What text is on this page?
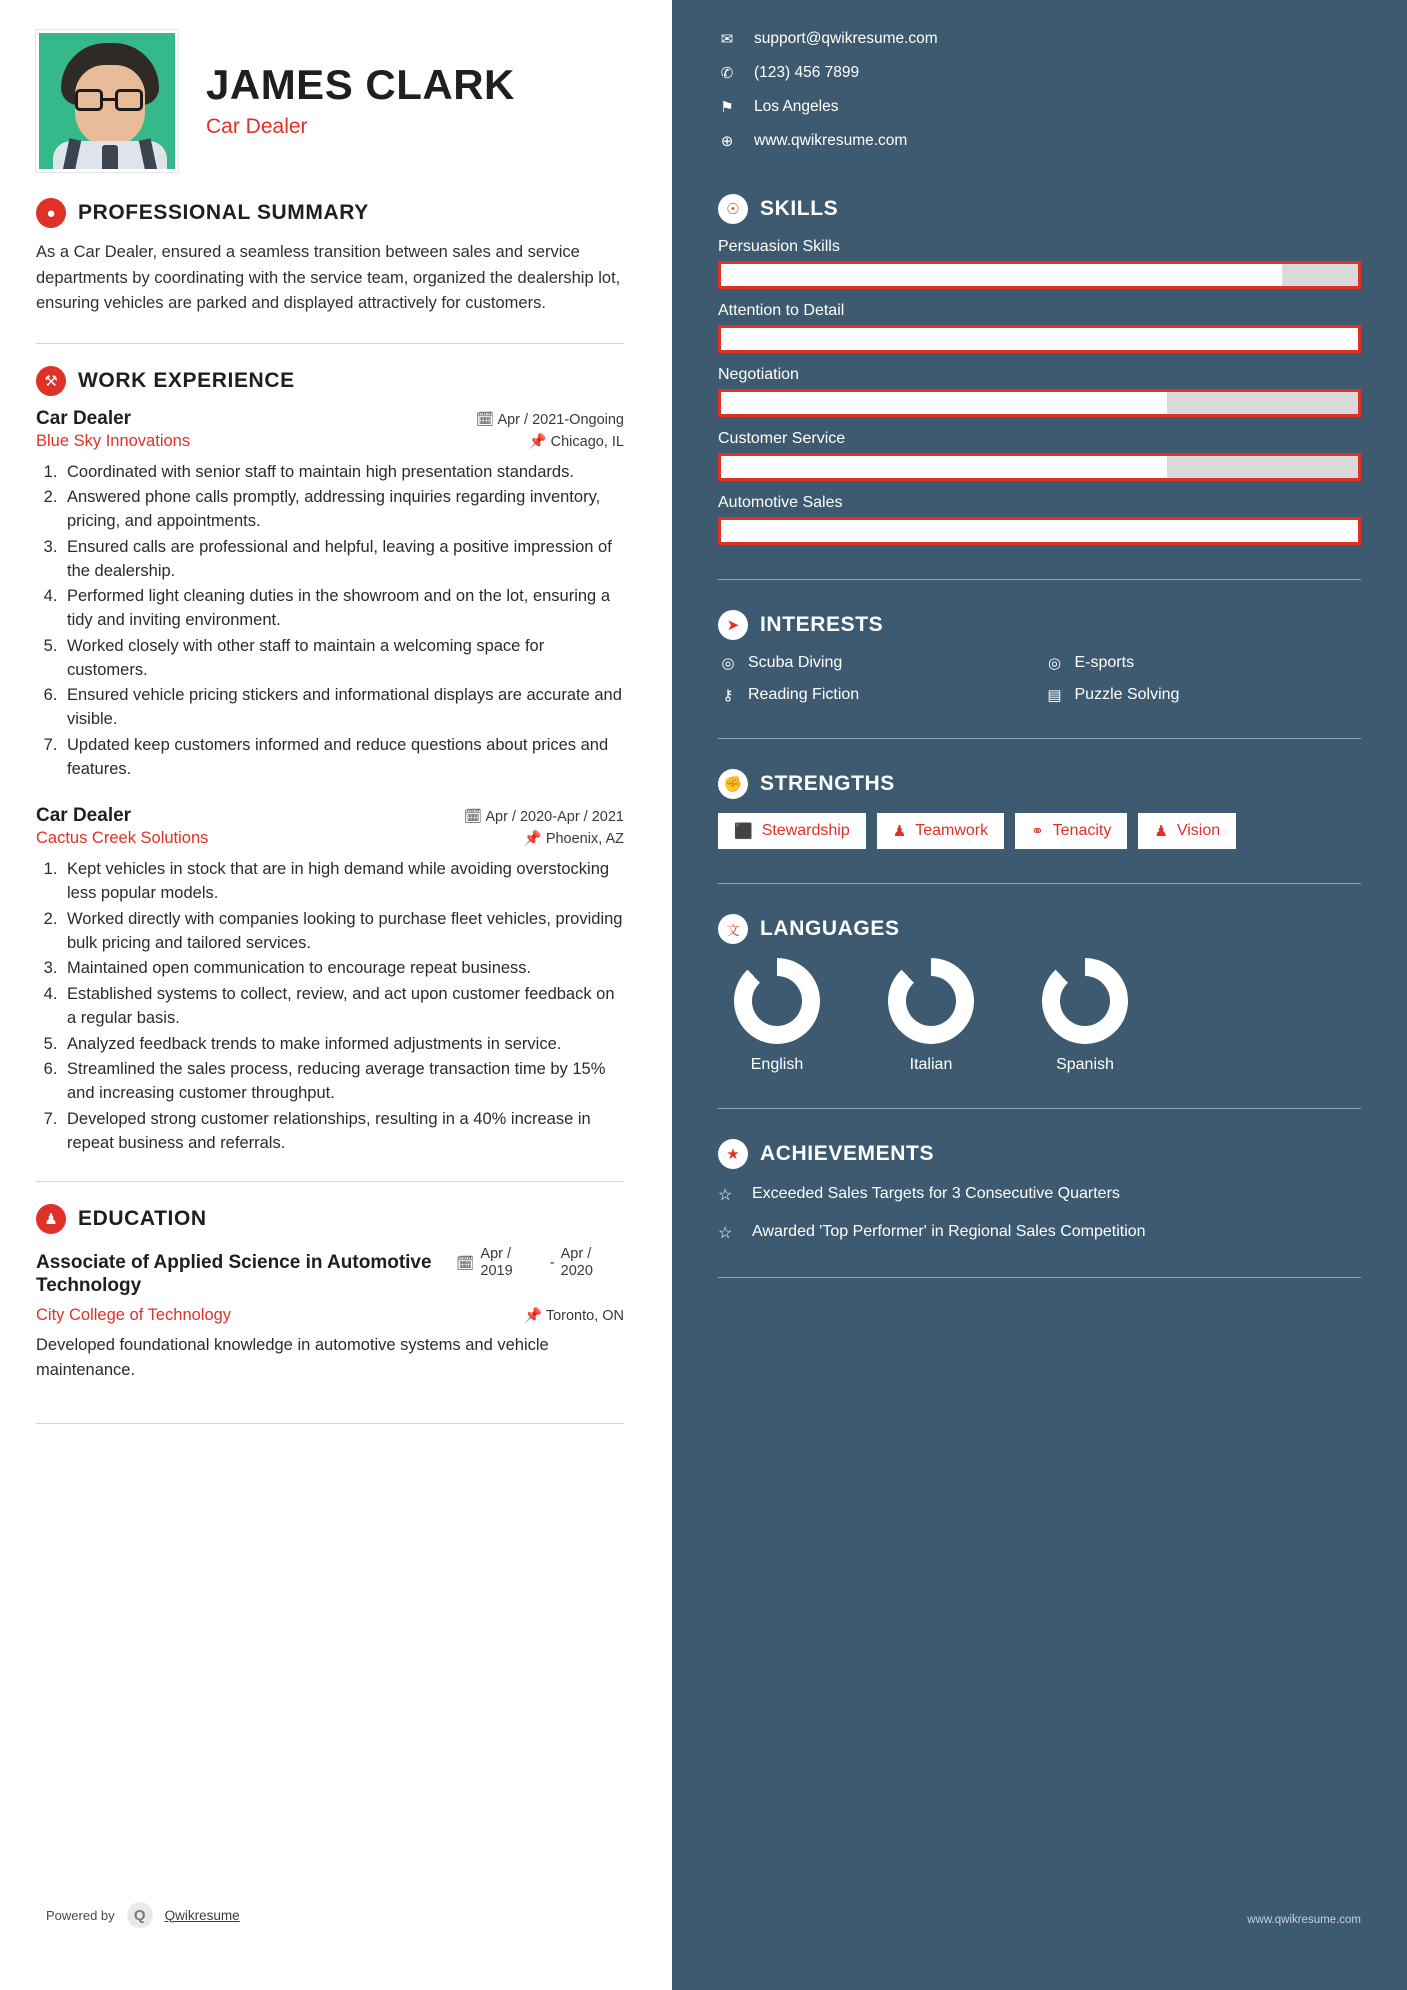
JAMES CLARK
Car Dealer
●	PROFESSIONAL SUMMARY
As a Car Dealer, ensured a seamless transition between sales and service departments by coordinating with the service team, organized the dealership lot, ensuring vehicles are parked and displayed attractively for customers.
⚒ WORK EXPERIENCE
Car Dealer	🗓 Apr / 2021-Ongoing
Blue Sky Innovations	📌 Chicago, IL
1. Coordinated with senior staff to maintain high presentation standards.
2. Answered phone calls promptly, addressing inquiries regarding inventory, pricing, and appointments.
3. Ensured calls are professional and helpful, leaving a positive impression of the dealership.
4. Performed light cleaning duties in the showroom and on the lot, ensuring a tidy and inviting environment.
5. Worked closely with other staff to maintain a welcoming space for customers.
6. Ensured vehicle pricing stickers and informational displays are accurate and visible.
7. Updated keep customers informed and reduce questions about prices and features.
Car Dealer	🗓 Apr / 2020-Apr / 2021
Cactus Creek Solutions	📌 Phoenix, AZ
1. Kept vehicles in stock that are in high demand while avoiding overstocking less popular models.
2. Worked directly with companies looking to purchase fleet vehicles, providing bulk pricing and tailored services.
3. Maintained open communication to encourage repeat business.
4. Established systems to collect, review, and act upon customer feedback on a regular basis.
5. Analyzed feedback trends to make informed adjustments in service.
6. Streamlined the sales process, reducing average transaction time by 15% and increasing customer throughput.
7. Developed strong customer relationships, resulting in a 40% increase in repeat business and referrals.
♟ EDUCATION
Associate of Applied Science in Automotive Technology
🗓
Apr / 2019	-
Apr / 2020
City College of Technology	📌 Toronto, ON
Developed foundational knowledge in automotive systems and vehicle maintenance.
Powered by	Q	Qwikresume
✉ support@qwikresume.com
✆ (123) 456 7899
⚑ Los Angeles
⊕ www.qwikresume.com
☉ SKILLS
Persuasion Skills
Attention to Detail
Negotiation
Customer Service
Automotive Sales
➤ INTERESTS
◎ Scuba Diving	◎ E-sports
⚷ Reading Fiction	▤ Puzzle Solving
✊ STRENGTHS
⬛ Stewardship	♟ Teamwork	⚭ Tenacity	♟ Vision
文 LANGUAGES
English	Italian	Spanish
★ ACHIEVEMENTS
☆	Exceeded Sales Targets for 3 Consecutive Quarters
☆	Awarded 'Top Performer' in Regional Sales Competition
www.qwikresume.com
